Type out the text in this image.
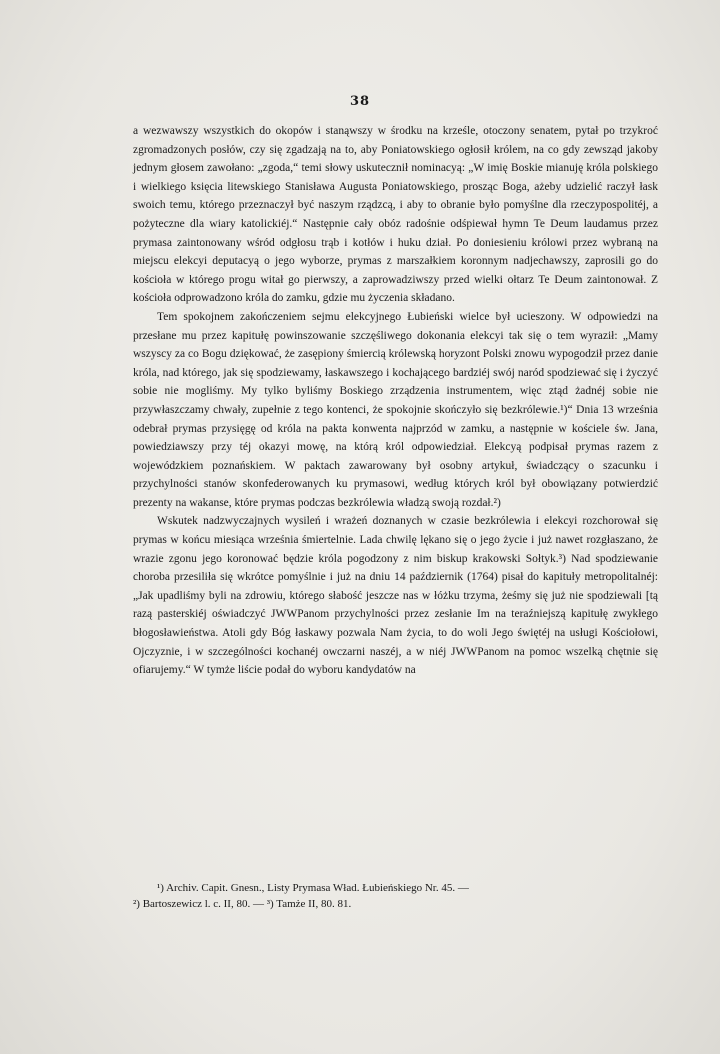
38

a wezwawszy wszystkich do okopów i stanąwszy w środku na krześle, otoczony senatem, pytał po trzykroć zgromadzonych posłów, czy się zgadzają na to, aby Poniatowskiego ogłosił królem, na co gdy zewsząd jakoby jednym głosem zawołano: „zgoda,“ temi słowy uskutecznił nominacyą: „W imię Boskie mianuję króla polskiego i wielkiego księcia litewskiego Stanisława Augusta Poniatowskiego, prosząc Boga, ażeby udzielić raczył łask swoich temu, którego przeznaczył być naszym rządzcą, i aby to obranie było pomyślne dla rzeczypospolitéj, a pożyteczne dla wiary katolickiéj.“ Następnie cały obóz radośnie odśpiewał hymn Te Deum laudamus przez prymasa zaintonowany wśród odgłosu trąb i kotłów i huku dział. Po doniesieniu królowi przez wybraną na miejscu elekcyi deputacyą o jego wyborze, prymas z marszałkiem koronnym nadjechawszy, zaprosili go do kościoła w którego progu witał go pierwszy, a zaprowadziwszy przed wielki ołtarz Te Deum zaintonował. Z kościoła odprowadzono króla do zamku, gdzie mu życzenia składano.

Tem spokojnem zakończeniem sejmu elekcyjnego Łubieński wielce był ucieszony. W odpowiedzi na przesłane mu przez kapitułę powinszowanie szczęśliwego dokonania elekcyi tak się o tem wyraził: „Mamy wszyscy za co Bogu dziękować, że zasępiony śmiercią królewską horyzont Polski znowu wypogodził przez danie króla, nad którego, jak się spodziewamy, łaskawszego i kochającego bardziéj swój naród spodziewać się i życzyć sobie nie mogliśmy. My tylko byliśmy Boskiego zrządzenia instrumentem, więc ztąd żadnéj sobie nie przywłaszczamy chwały, zupełnie z tego kontenci, że spokojnie skończyło się bezkrólewie.¹)“ Dnia 13 września odebrał prymas przysięgę od króla na pakta konwenta najprzód w zamku, a następnie w kościele św. Jana, powiedziawszy przy téj okazyi mowę, na którą król odpowiedział. Elekcyą podpisał prymas razem z wojewódzkiem poznańskiem. W paktach zawarowany był osobny artykuł, świadczący o szacunku i przychylności stanów skonfederowanych ku prymasowi, według których król był obowiązany potwierdzić prezenty na wakanse, które prymas podczas bezkrólewia władzą swoją rozdał.²)

Wskutek nadzwyczajnych wysileń i wrażeń doznanych w czasie bezkrólewia i elekcyi rozchorował się prymas w końcu miesiąca września śmiertelnie. Lada chwilę lękano się o jego życie i już nawet rozgłaszano, że wrazie zgonu jego koronować będzie króla pogodzony z nim biskup krakowski Sołtyk.³) Nad spodziewanie choroba przesiliła się wkrótce pomyślnie i już na dniu 14 październik (1764) pisał do kapituły metropolitalnéj: „Jak upadliśmy byli na zdrowiu, którego słabość jeszcze nas w łóżku trzyma, żeśmy się już nie spodziewali [tą razą pasterskiéj oświadczyć JWWPanom przychylności przez zesłanie Im na teraźniejszą kapitułę zwykłego błogosławieństwa. Atoli gdy Bóg łaskawy pozwala Nam życia, to do woli Jego świętéj na usługi Kościołowi, Ojczyznie, i w szczególności kochanéj owczarni naszéj, a w niéj JWWPanom na pomoc wszelką chętnie się ofiarujemy.“ W tymże liście podał do wyboru kandydatów na

¹) Archiv. Capit. Gnesn., Listy Prymasa Wład. Łubieńskiego Nr. 45. —

²) Bartoszewicz l. c. II, 80. — ³) Tamże II, 80. 81.
